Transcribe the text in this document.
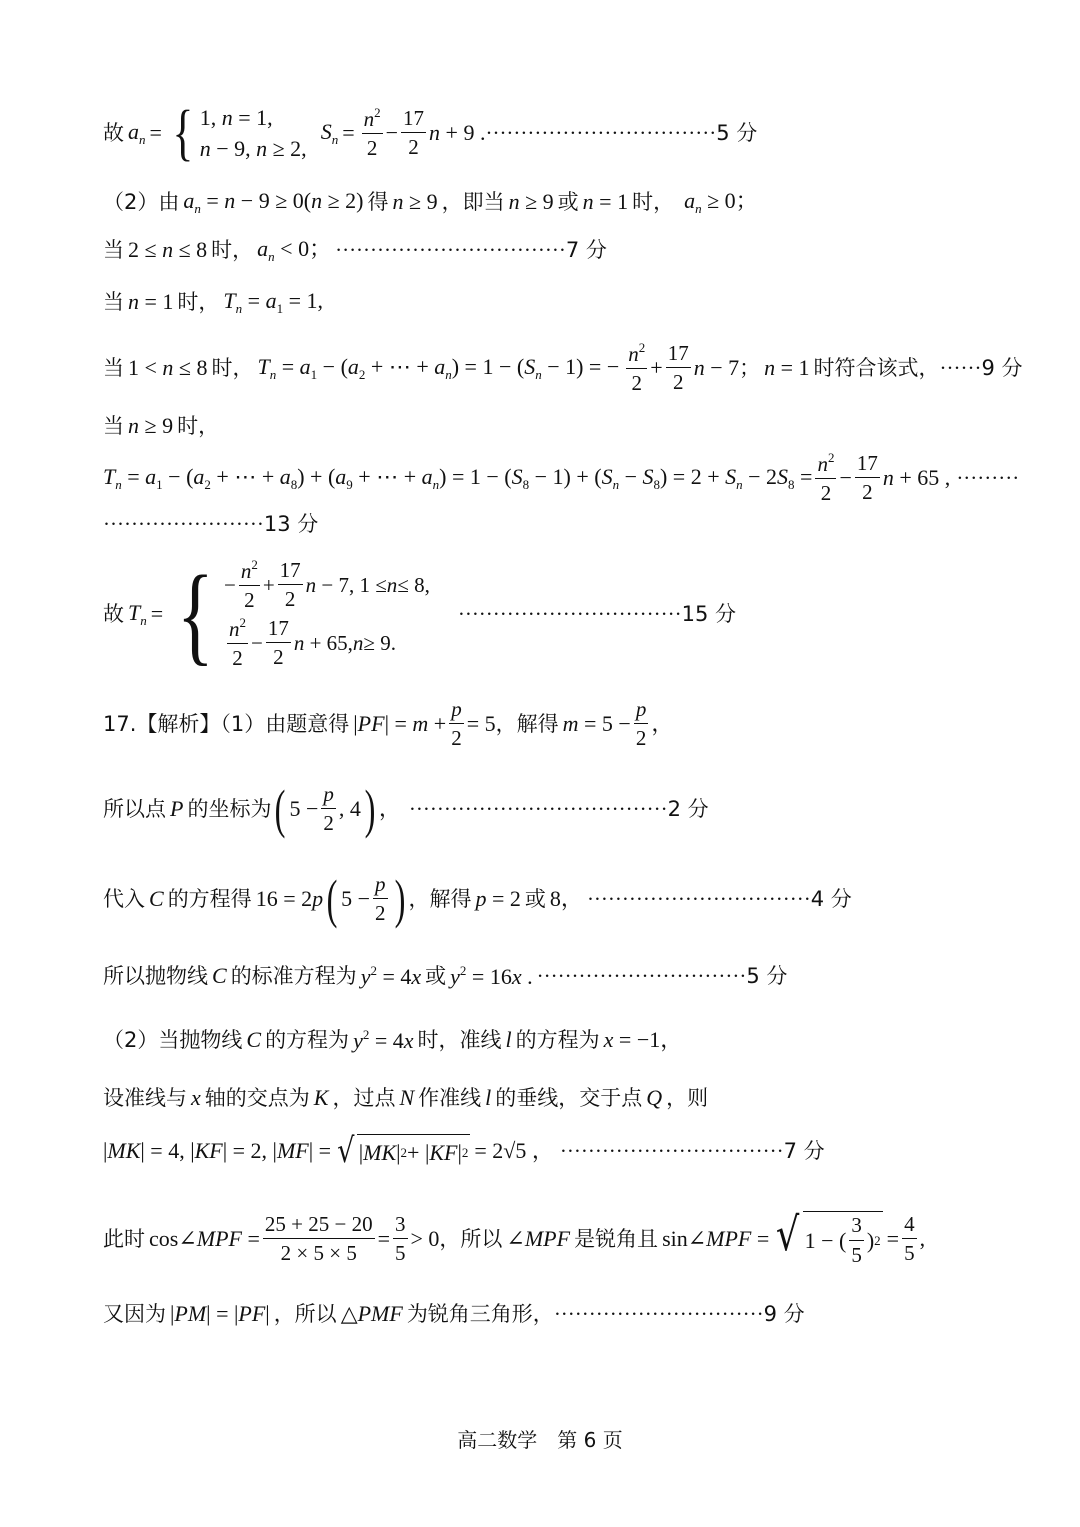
故 $a_n$ = { 1, n = 1,
n − 9, n ≥ 2,
$S_n = \frac{n^2}{2} - \frac{17}{2}$ n + 9 . ································· 5 分
（2）由 $a_n = n - 9 \ge 0(n \ge 2)$ 得 n ≥ 9 ，即当 n ≥ 9 或 n = 1 时， $a_n \ge 0$；
当 2 ≤ n ≤ 8 时， $a_n < 0$； ································· 7 分
当 n = 1 时， $T_n = a_1 = 1$,
当 1 < n ≤ 8 时， $T_n = a_1 - (a_2$ + ⋯ + $a_n) = 1 - (S_n - 1)$ = − $\frac{n^2}{2} + \frac{17}{2}$ n − 7 ； n = 1 时符合该式， ······ 9 分
当 n ≥ 9 时，
$T_n = a_1 - (a_2$ + ⋯ + $a_8) + (a_9$ + ⋯ + $a_n) = 1 - (S_8 - 1) + (S_n - S_8) = 2 + S_n - 2S_8 = \frac{n^2}{2} - \frac{17}{2}$ n + 65 , ·········
······················· 13 分
故 $T_n$ = { − $\frac{n^2}{2} + \frac{17}{2}$ n − 7, 1 ≤ n ≤ 8,
$\frac{n^2}{2} - \frac{17}{2}$ n + 65, n ≥ 9.
································ 15 分
17.【解析】（1）由题意得 $|PF| = m + \frac{p}{2} = 5$ ，解得 $m = 5 - \frac{p}{2}$ ，
所以点 P 的坐标为 ( $5 - \frac{p}{2}$ , 4 ) ， ····································· 2 分
代入 C 的方程得 16 = 2p ( $5 - \frac{p}{2}$ ) ，解得 p = 2 或 8， ································ 4 分
所以抛物线 C 的标准方程为 $y^2 = 4x$ 或 $y^2 = 16x$ . ······························ 5 分
（2）当抛物线 C 的方程为 $y^2 = 4x$ 时，准线 l 的方程为 x = −1，
设准线与 x 轴的交点为 K ，过点 N 作准线 l 的垂线，交于点 Q ，则
|MK| = 4, |KF| = 2, |MF| = √ | MK | 2 + | KF | 2 = 2√5 ， ································ 7 分
此时 cos∠MPF = $\frac{25 + 25 - 20}{2 \times 5 \times 5} = \frac{3}{5} > 0$ ，所以 ∠MPF 是锐角且 sin∠MPF = √ 1 − ( $\frac{3}{5}$ ) $2 = \frac{4}{5}$ ,
又因为 |PM| = |PF| ，所以 △PMF 为锐角三角形， ······························ 9 分
高二数学　第 6 页
